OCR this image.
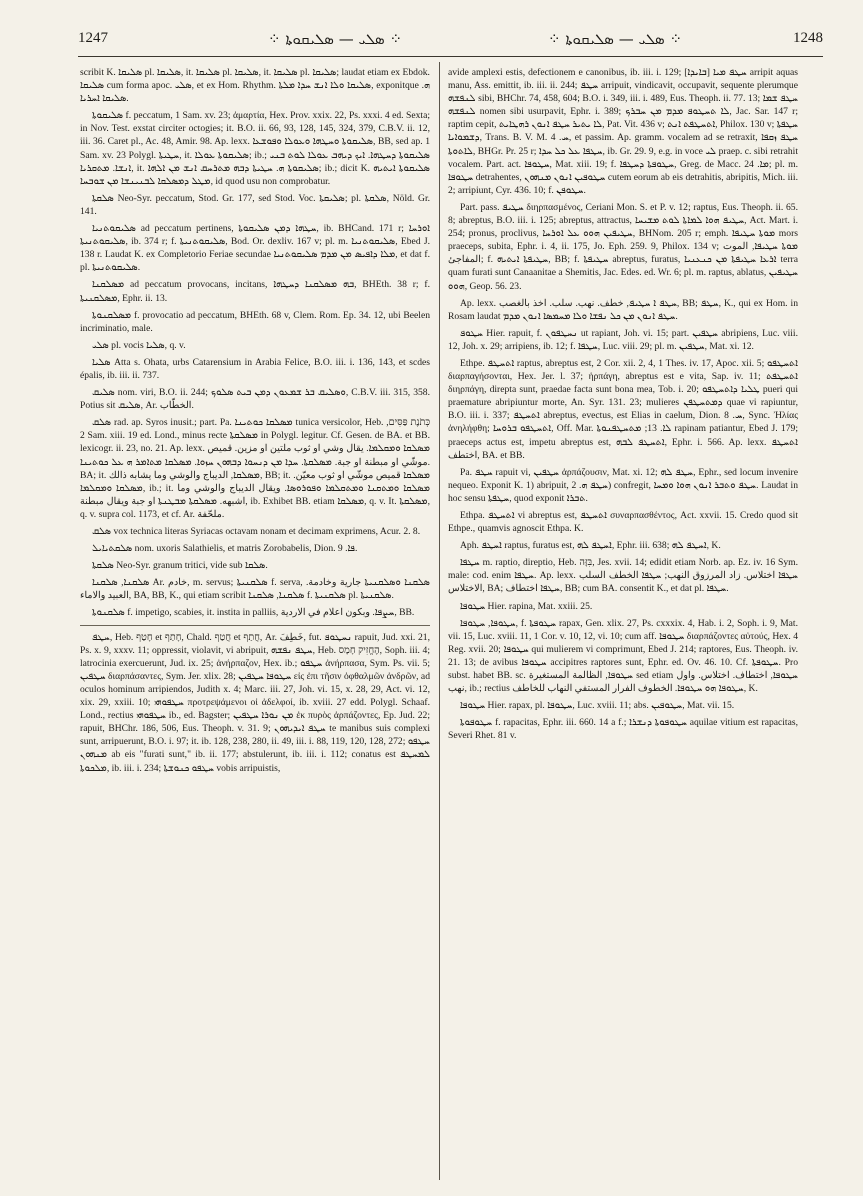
1247	⁘ ܣܠܝ — ܣܠܝܩܘܬܐ ⁘	⁘ ܣܠܝ — ܣܠܝܩܘܬܐ ⁘	1248

scribit K. ܣܠܝܩܐ pl. ܣܠܝܩܐ, it. ܣܠܝܩܐ pl. ܣܠܝܩܐ, it. ܣܠܝܩܐ pl. ܣܠܝܩܐ; laudat etiam ex Ebdok. ܣܠܝܩܐ cum forma apoc. ܣܠܝ, et ex Hom. Rhythm. ܣܠܝܩܐ ܘܠܐ ܐܢܫ ܚܕܐ ܡܠܬܐ, exponitque ܗ. ܣܠܝܩܐ ܐܚܪܝܐ.

ܣܠܝܩܘܬܐ f. peccatum, 1 Sam. xv. 23; ἁμαρτία, Hex. Prov. xxix. 22, Ps. xxxi. 4 ed. Sexta; in Nov. Test. exstat circiter octogies; it. B.O. ii. 66, 93, 128, 145, 324, 379, C.B.V. ii. 12, iii. 36. Caret pl., Ac. 48, Amir. 98. Ap. lexx. ܣܠܝܩܘܬܐ ܘܚܛܗܐ ܘܥܘܠܐ ܘܦܘܫܥܐ, BB, sed ap. 1 Sam. xv. 23 Polygl. ܚܛܝܬܐ, it. ܣܠܝܩܘܬܐ ܥܘܠܐ; ib.; ܣܠܝܩܘܬܐ ܕܚܛܗܐ. ܐܝܟ ܕܝܗܒ ܥܘܠܐ ܠܘܬ ܒܢܝ ܐܢܫܐ. ܡܬܩܪܝܐ, it. ܣܠܝܩܘܬܐ ܗ. ܚܛܝܬܐ ܕܒܗ ܡܬܪܚܩ ܐܢܫ ܡܢ ܐܠܗܐ; ib.; dicit K. ܣܠܝܩܘܬܐ ܐܝܬܝܗ ܡܛܠ ܕܡܣܠܩܐ ܠܒܢܝܢܫܐ ܡܢ ܫܘܒܚܐ, id quod usu non comprobatur.

ܣܠܩܬܐ Neo-Syr. peccatum, Stod. Gr. 177, sed Stod. Voc. ܣܠܝܩܬܐ; pl. ܣܠܩܬܐ, Nöld. Gr. 141.

ܣܠܝܩܘܬܢܝܐ ad peccatum pertinens, ܚܛܗܐ ܕܡܢ ܣܠܝܩܘܬܐ, ib. BHCand. 171 r; ܐܘܪܚܐ ܣܠܝܩܘܬܢܝܬܐ, ib. 374 r; f. ܣܠܝܩܘܬܢܝܬܐ, Bod. Or. dexliv. 167 v; pl. m. ܣܠܝܩܘܬܢܝܐ, Ebed J. 138 r. Laudat K. ex Completorio Feriae secundae ܡܠܐ ܕܐܦܝܣ ܡܢ ܡܕܡ ܣܠܝܩܘܬܢܝܐ, et dat f. pl. ܣܠܝܩܘܬܢܝܬܐ.

ܡܣܠܩܢܐ ad peccatum provocans, incitans, ܒܗ ܡܣܠܩܢܐ ܕܚܛܗܐ, BHEth. 38 r; f. ܡܣܠܩܢܝܬܐ, Ephr. ii. 13.

ܡܣܠܩܢܘܬܐ f. provocatio ad peccatum, BHEth. 68 v, Clem. Rom. Ep. 34. 12, ubi Beelen incriminatio, male.

ܣܠܝ pl. vocis ܣܠܝܐ, q. v.

ܣܠܝܐ Atta s. Ohata, urbs Catarensium in Arabia Felice, B.O. iii. i. 136, 143, et scdes épalis, ib. iii. ii. 737.

ܣܠܝܩ nom. viri, B.O. ii. 244; ܘܣܠܝܩ ܒܪ ܫܡܥܘܢ ܕܡܢ ܒܝܬ ܣܠܘܟ, C.B.V. iii. 315, 358. Potius sit ܣܠܝܩ, Ar. الخطّاب.

ܣܠܩ rad. ap. Syros inusit.; part. Pa. ܡܣܠܩܐ ܟܘܬܝܢܐ tunica versicolor, Heb. כְּתֹנֶת פַּסִּים, 2 Sam. xiii. 19 ed. Lond., minus recte ܡܣܠܩܬܐ in Polygl. legitur. Cf. Gesen. de BA. et BB. lexicogr. ii. 23, no. 21. Ap. lexx. ܡܣܠܩܐ ܘܡܩܠܡܐ. يقال وشي او ثوب ملتين او مزين. قميص موشّي او مبطنة او جبة. ܡܣܠܩܬܐ. ܚܕܐ ܡܢ ܕܢܚܘܐ ܕܒܗܘܢ ܚܙܘܐ. ܡܣܠܩܐ ܡܬܐܡܪ ܗ ܥܠ ܟܘܬܝܢܐ. BA; it. ܡܣܠܩܐ, الديباج والوشي وما يشابه ذالك, BB; it. ܡܣܠܩܐ قميص موشّي او ثوب معيّن. ܡܣܠܩܐ ܘܡܩܠܡܐ, ib.; it. ܡܣܠܩܐ ܘܡܬܩܢܐ ܘܡܬܩܠܡܐ ܘܦܘܪܘܣܐ. ويقال الديباج والوشي وما اشبهه. ܡܣܠܩܬܐ ܡܒܛܢܬܐ او جبة ويقال مبطنة, ib. Exhibet BB. etiam ܡܣܠܩܐ, q. v. It. ܡܣܠܩܬܐ, q. v. supra col. 1173, et cf. Ar. ملحّفة.

ܣܠܩ vox technica literas Syriacas octavam nonam et decimam exprimens, Acur. 2. 8.

ܣܠܩܬܝܐܝܠ nom. uxoris Salathielis, et matris Zorobabelis, Dion. ܦܐ. 9.

ܣܠܩܬܐ Neo-Syr. granum tritici, vide sub ܣܠܩܐ.

ܣܠܩܢܐ, ܣܠܩܢܐ Ar. خادم, m. servus; ܣܠܩܢܝܬܐ f. serva, ܣܠܩܢܐ ܘܣܠܩܢܝܬܐ جارية وخادمة. العبيد والاماء, BA, BB, K., qui etiam scribit ܣܠܩܢܐ, ܣܠܩܢܐ f. ܣܠܩܢܝܬܐ pl. ܣܠܩܢܝܬܐ.

ܣܠܩܢܘܬܐ f. impetigo, scabies, it. instita in palliis, ܚܨܦܐ. وبكون اعلام في الاردية, BB.

ܚܛܦ, Heb. חָטַף et חָתַף, Chald. חֲטַף et חֲתַף, Ar. خَطِفَ, fut. ܢܚܛܘܦ rapuit, Jud. xxi. 21, Ps. x. 9, xxxv. 11; oppressit, violavit, vi abripuit, ܚܛܦ ܢܦܫܗ, Heb. הֶחֱזִיק חָמָס, Soph. iii. 4; latrocinia exercuerunt, Jud. ix. 25; ἀνήρπαζον, Hex. ib.; ܚܛܦܘ ἀνήρπασα, Sym. Ps. vii. 5; ܚܛܦܝܢ διαρπάσαντες, Sym. Jer. xlix. 28; ܚܛܘܦܐ ܚܛܦܝܢ εἰς ἐπι τῆσιν ὀφθαλμῶν ἀνδρῶν, ad oculos hominum arripiendos, Judith x. 4; Marc. iii. 27, Joh. vi. 15, x. 28, 29, Act. vi. 12, xix. 29, xxiii. 10; ܚܛܦܘܗܝ προτρεψάμενοι οἱ ἀδελφοί, ib. xviii. 27 edd. Polygl. Schaaf. Lond., rectius ܚܛܦܘܗܝ ib., ed. Bagster; ܡܢ ܢܘܪܐ ܚܛܦܝܢ ἐκ πυρὸς ἁρπάζοντες, Ep. Jud. 22; rapuit, BHChr. 186, 506, Eus. Theoph. v. 31. 9; ܚܛܦ ܐܝܕܝܗܘܢ te manibus suis complexi sunt, arripuerunt, B.O. i. 97; it. ib. 128, 238, 280, ii. 49, iii. i. 88, 119, 120, 128, 272; ܚܛܦܘ ܡܢܗܘܢ ab eis "furati sunt," ib. ii. 177; abstulerunt, ib. iii. i. 112; conatus est ܠܡܚܛܦ ܡܠܟܘܬܐ, ib. iii. i. 234; ܚܛܦܘ ܟܢܘܫܬܐ vobis arripuistis,

avide amplexi estis, defectionem e canonibus, ib. iii. i. 129; ܚܛܦ ܡܝܐ [ܒܐܝܕܐ] arripit aquas manu, Ass. emittit, ib. iii. ii. 244; ܚܛܦ arripuit, vindicavit, occupavit, sequente plerumque ܠܢܦܫܗ sibi, BHChr. 74, 458, 604; B.O. i. 349, iii. i. 489, Eus. Theoph. ii. 77. 13; ܚܛܦ ܫܡܐ ܠܢܦܫܗ nomen sibi usurpavit, Ephr. i. 389; ܠܐ ܬܚܛܘܦ ܡܕܡ ܡܢ ܚܒܪܟ, Jac. Sar. 147 r; raptim cepit, ܠܐ ܝܬܝܪ ܚܛܦ ܐܢܘܢ ܪܗܛܐܝܬ, Pat. Vit. 436 v; ܐܬܚܛܦܬ ܐܢܬ, Philox. 130 v; ܚܛܦܬܐ ܕܫܡܘܐܝܐ, Trans. B. V. M. ܚ. 4, et passim. Ap. gramm. vocalem ad se retraxit, ܚܛܦ ܙܩܦܐ ܠܐܬܘܬܐ, BHGr. Pr. 25 r; ܚܛܦܐ ܥܠ ܟܠ ܚܕܐ, ib. Gr. 29. 9, e.g. in voce ܠܝ praep. c. sibi retrahit vocalem. Part. act. ܚܛܘܦܐ, Mat. xiii. 19; f. ܚܛܘܦܬܐ ܕܚܛܦܐ, Greg. de Macc. ܡܐ. 24; pl. m. ܚܛܘܦܐ detrahentes, ܚܛܘܦܝܢ ܐܢܘܢ ܡܢܗܘܢ cutem eorum ab eis detrahitis, abripitis, Mich. iii. 2; arripiunt, Cyr. 436. 10; f. ܚܛܘܦܢ.

Part. pass. ܚܛܝܦ διηρπασμένος, Ceriani Mon. S. et P. v. 12; raptus, Eus. Theoph. ii. 65. 8; abreptus, B.O. iii. i. 125; abreptus, attractus, ܚܛܝܦ ܗܘܐ ܠܡܐܬܐ ܠܘܬ ܡܫܝܚܐ, Act. Mart. i. 254; pronus, proclivus, ܚܛܝܦܝܢ ܗܘܘ ܥܠ ܐܘܪܚܐ, BHNom. 205 r; emph. ܡܘܬܐ ܚܛܝܦܐ mors praeceps, subita, Ephr. i. 4, ii. 175, Jo. Eph. 259. 9, Philox. 134 v; ܡܘܬܐ ܚܛܝܦܐ, الموت المفاجئ; f. ܚܛܝܦܬܐ ܐܝܬܝܗ, BB; f. ܚܛܝܦܬܐ abreptus, furatus, ܐܪܥܐ ܚܛܝܦܬܐ ܡܢ ܟܢܥܢܝܐ terra quam furati sunt Canaanitae a Shemitis, Jac. Edes. ed. Wr. 6; pl. m. raptus, ablatus, ܚܛܝܦܝܢ ܗܘܘ, Geop. 56. 23.

Ap. lexx. ܚܛܦ ܐ ܚܛܝܦ, خطف. نهب. سلب. اخذ بالغصب, BB; ܚܛܦ, K., qui ex Hom. in Rosam laudat ܚܛܦ ܐܢܘܢ ܡܢ ܟܠ ܢܦܫܐ ܘܠܐ ܡܚܡܣܐ ܐܢܘܢ ܡܕܡ.

ܚܛܘܦ Hier. rapuit, f. ܢܚܛܦܘܢ ut rapiant, Joh. vi. 15; part. ܚܛܦܝܢ abripiens, Luc. viii. 12, Joh. x. 29; arripiens, ib. 12; f. ܚܛܦܐ, Luc. viii. 29; pl. m. ܚܛܦܝܢ, Mat. xi. 12.

Ethpe. ܐܬܚܛܦ raptus, abreptus est, 2 Cor. xii. 2, 4, 1 Thes. iv. 17, Apoc. xii. 5; ܐܬܚܛܦܘ διαρπαγήσονται, Hex. Jer. l. 37; ἡρπάγη, abreptus est e vita, Sap. iv. 11; ܐܬܚܛܦܬ διηρπάγη, direpta sunt, praedae facta sunt bona mea, Tob. i. 20; ܛܠܝܐ ܕܐܬܚܛܦܘ pueri qui praemature abripiuntur morte, An. Syr. 131. 23; mulieres ܕܡܬܚܛܦܢ quae vi rapiuntur, B.O. iii. i. 337; ܐܬܚܛܦ abreptus, evectus, est Elias in caelum, Dion. ܚ. 8, Sync. Ἠλίας ἀνηλήφθη; ܐܬܚܛܦܘ ܒܪܘܚܐ, Off. Mar. ܠܐ. 13; ܡܬܚܛܦܢܘܬܐ rapinam patiantur, Ebed J. 179; praeceps actus est, impetu abreptus est, ܐܬܚܛܦ ܠܒܗ, Ephr. i. 566. Ap. lexx. ܐܬܚܛܦ اختطف, BA. et BB.

Pa. ܚܛܦ rapuit vi, ܚܛܦܝܢ ἁρπάζουσιν, Mat. xi. 12; ܚܛܦ ܠܗ, Ephr., sed locum invenire nequeo. Exponit K. 1) abripuit, ܚܛܦ ܗ. 2) confregit, ܚܛܦ ܘܬܒܪ ܐܢܘܢ ܗܘܐ ܘܡܚܐ. Laudat in hoc sensu ܚܛܦܬܐ, quod exponit ܬܒܪܐ.

Ethpa. ܐܬܚܛܦ vi abreptus est, ܐܬܚܛܦ συναρπασθέντος, Act. xxvii. 15. Credo quod sit Ethpe., quamvis agnoscit Ethpa. K.

Aph. ܐܚܛܦ raptus, furatus est, ܐܚܛܦ ܠܗ, Ephr. iii. 638; ܐܚܛܦ ܠܗ, K.

ܚܛܦܐ m. raptio, direptio, Heb. בִּזָּה, Jes. xvii. 14; edidit etiam Norb. ap. Ez. iv. 16 Sym. male: cod. enim ܚܛܦܐ. Ap. lexx. ܚܛܦܐ اختلاس. زاد المرزوق النهب; ܚܛܦܐ الخطف السلب الاختلاس, BA; ܚܛܦܐ اختطاف, BB; cum BA. consentit K., et dat pl. ܚܛܦܐ.

ܚܛܘܦܐ Hier. rapina, Mat. xxiii. 25.

ܚܛܘܦܐ, ܚܛܘܦܐ, f. ܚܛܘܦܬܐ rapax, Gen. xlix. 27, Ps. cxxxix. 4, Hab. i. 2, Soph. i. 9, Mat. vii. 15, Luc. xviii. 11, 1 Cor. v. 10, 12, vi. 10; cum aff. ܚܛܘܦܐ διαρπάζοντες αὐτούς, Hex. 4 Reg. xvii. 20; ܚܛܘܦܐ qui mulierem vi comprimunt, Ebed J. 214; raptores, Eus. Theoph. iv. 21. 13; de avibus ܚܛܘܦܐ accipitres raptores sunt, Ephr. ed. Ov. 46. 10. Cf. ܚܛܘܦܬܐ. Pro subst. habet BB. sc. ܚܛܘܦܐ, الظالمة المستغيرة sed etiam ܚܛܘܦܐ, اختطاف. اختلاس. واول نهب, ib.; rectius ܚܛܘܦܐ ܗܘ ܚܛܘܦܐ. الخطوف الفرار المستفي النهاب للخاطف, K.

ܚܛܘܦܐ Hier. rapax, pl. ܚܛܘܦܐ, Luc. xviii. 11; abs. ܚܛܘܦܝܢ, Mat. vii. 15.

ܚܛܘܦܘܬܐ f. rapacitas, Ephr. iii. 660. 14 a f.; ܚܛܘܦܘܬܐ ܕܢܫܪܐ aquilae vitium est rapacitas, Severi Rhet. 81 v.
